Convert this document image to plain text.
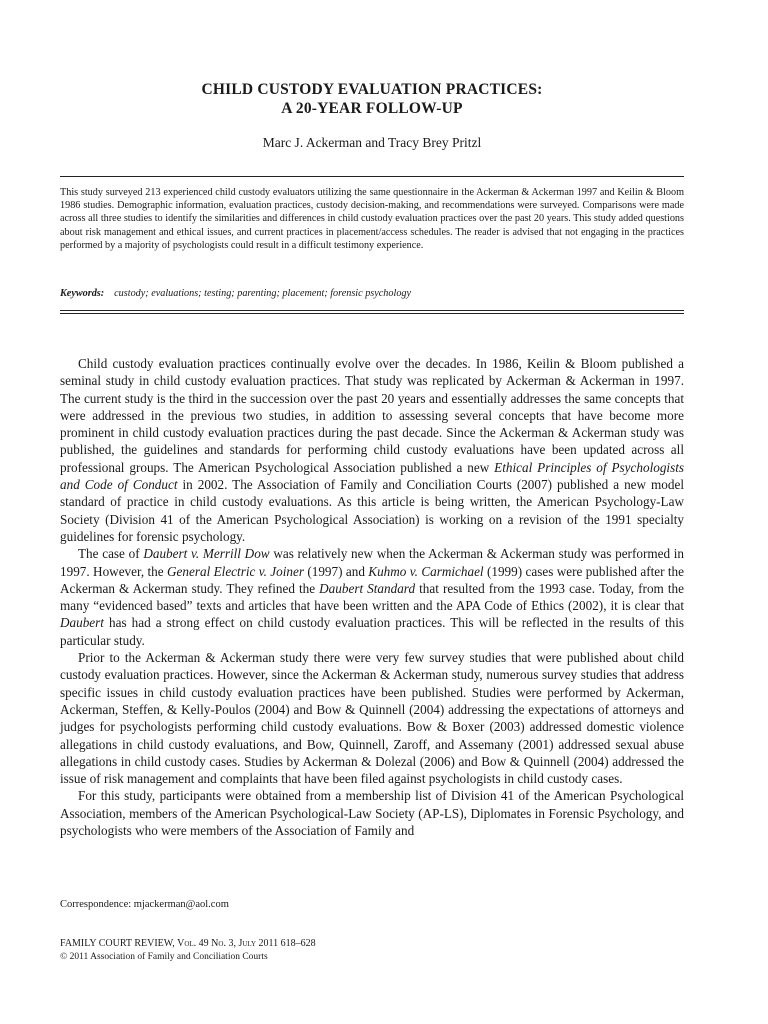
CHILD CUSTODY EVALUATION PRACTICES:
A 20-YEAR FOLLOW-UP
Marc J. Ackerman and Tracy Brey Pritzl

This study surveyed 213 experienced child custody evaluators utilizing the same questionnaire in the Ackerman & Ackerman 1997 and Keilin & Bloom 1986 studies. Demographic information, evaluation practices, custody decision-making, and recommendations were surveyed. Comparisons were made across all three studies to identify the similarities and differences in child custody evaluation practices over the past 20 years. This study added questions about risk management and ethical issues, and current practices in placement/access schedules. The reader is advised that not engaging in the practices performed by a majority of psychologists could result in a difficult testimony experience.

Keywords: custody; evaluations; testing; parenting; placement; forensic psychology

Child custody evaluation practices continually evolve over the decades. In 1986, Keilin & Bloom published a seminal study in child custody evaluation practices. That study was replicated by Ackerman & Ackerman in 1997. The current study is the third in the succession over the past 20 years and essentially addresses the same concepts that were addressed in the previous two studies, in addition to assessing several concepts that have become more prominent in child custody evaluation practices during the past decade. Since the Ackerman & Ackerman study was published, the guidelines and standards for performing child custody evaluations have been updated across all professional groups. The American Psychological Association published a new Ethical Principles of Psychologists and Code of Conduct in 2002. The Association of Family and Conciliation Courts (2007) published a new model standard of practice in child custody evaluations. As this article is being written, the American Psychology-Law Society (Division 41 of the American Psychological Association) is working on a revision of the 1991 specialty guidelines for forensic psychology.

The case of Daubert v. Merrill Dow was relatively new when the Ackerman & Ackerman study was performed in 1997. However, the General Electric v. Joiner (1997) and Kuhmo v. Carmichael (1999) cases were published after the Ackerman & Ackerman study. They refined the Daubert Standard that resulted from the 1993 case. Today, from the many “evidenced based” texts and articles that have been written and the APA Code of Ethics (2002), it is clear that Daubert has had a strong effect on child custody evaluation practices. This will be reflected in the results of this particular study.

Prior to the Ackerman & Ackerman study there were very few survey studies that were published about child custody evaluation practices. However, since the Ackerman & Ackerman study, numerous survey studies that address specific issues in child custody evaluation practices have been published. Studies were performed by Ackerman, Ackerman, Steffen, & Kelly-Poulos (2004) and Bow & Quinnell (2004) addressing the expectations of attorneys and judges for psychologists performing child custody evaluations. Bow & Boxer (2003) addressed domestic violence allegations in child custody evaluations, and Bow, Quinnell, Zaroff, and Assemany (2001) addressed sexual abuse allegations in child custody cases. Studies by Ackerman & Dolezal (2006) and Bow & Quinnell (2004) addressed the issue of risk management and complaints that have been filed against psychologists in child custody cases.

For this study, participants were obtained from a membership list of Division 41 of the American Psychological Association, members of the American Psychological-Law Society (AP-LS), Diplomates in Forensic Psychology, and psychologists who were members of the Association of Family and

Correspondence: mjackerman@aol.com
FAMILY COURT REVIEW, Vol. 49 No. 3, July 2011 618–628
© 2011 Association of Family and Conciliation Courts
